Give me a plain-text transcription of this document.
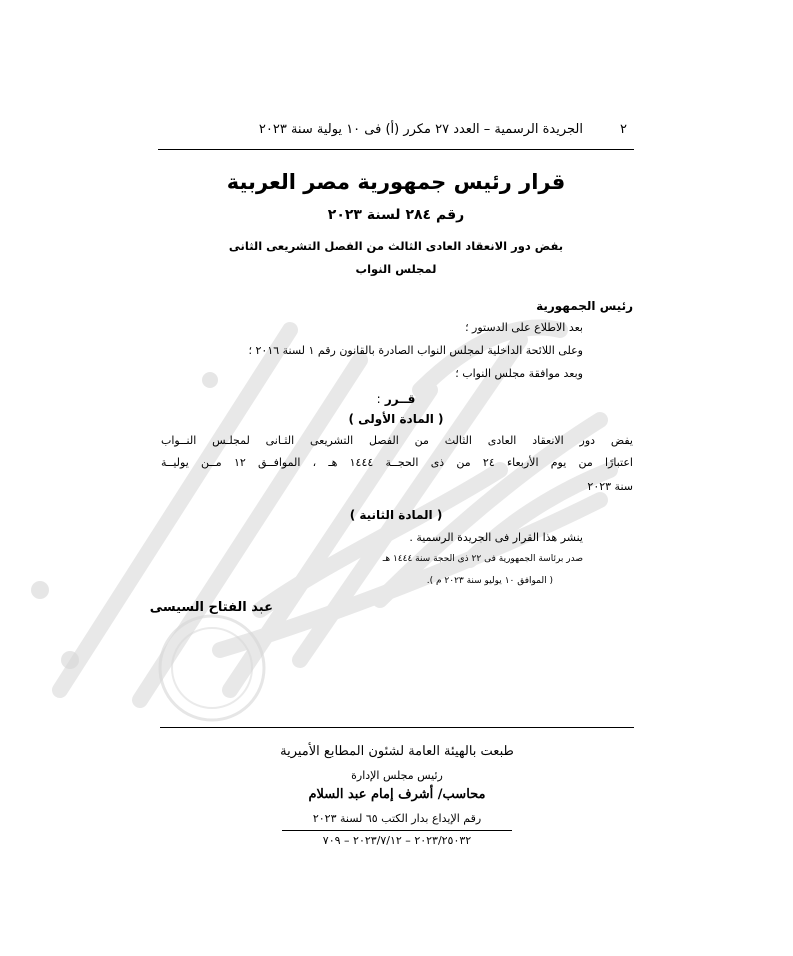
٢
الجريدة الرسمية – العدد ٢٧ مكرر (أ) فى ١٠ يولية سنة ٢٠٢٣
قرار رئيس جمهورية مصر العربية
رقم ٢٨٤ لسنة ٢٠٢٣
بفض دور الانعقاد العادى الثالث من الفصل التشريعى الثانى
لمجلس النواب
رئيس الجمهورية
بعد الاطلاع على الدستور ؛
وعلى اللائحة الداخلية لمجلس النواب الصادرة بالقانون رقم ١ لسنة ٢٠١٦ ؛
وبعد موافقة مجلس النواب ؛
قــرر :
( المادة الأولى )
يفض دور الانعقاد العادى الثالث من الفصل التشريعى الثـانى لمجلـس النــواب
اعتبارًا من يوم الأربعاء ٢٤ من ذى الحجــة ١٤٤٤ هـ ، الموافــق ١٢ مــن يوليــة
سنة ٢٠٢٣
( المادة الثانية )
ينشر هذا القرار فى الجريدة الرسمية .
صدر برئاسة الجمهورية فى ٢٢ ذى الحجة سنة ١٤٤٤ هـ
( الموافق ١٠ يوليو سنة ٢٠٢٣ م ).
عبد الفتاح السيسى
طبعت بالهيئة العامة لشئون المطابع الأميرية
رئيس مجلس الإدارة
محاسب/ أشرف إمام عبد السلام
رقم الإيداع بدار الكتب ٦٥ لسنة ٢٠٢٣
٢٠٢٣/٢٥٠٣٢ – ٢٠٢٣/٧/١٢ – ٧٠٩
